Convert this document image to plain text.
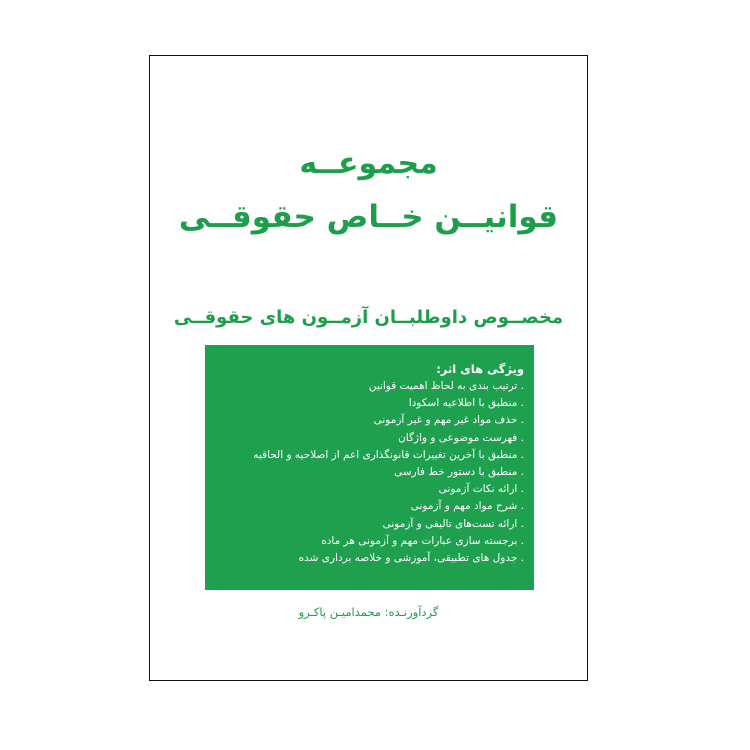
مجموعــه
قوانیــن خــاص حقوقــی
مخصــوص داوطلبــان آزمــون های حقوقــی
ویژگی های اثر:
. ترتیب بندی به لحاظ اهمیت قوانین
. منطبق با اطلاعیه اسکودا
. حذف مواد غیر مهم و غیر آزمونی
. فهرست موضوعی و واژگان
. منطبق با آخرین تغییرات قانونگذاری اعم از اصلاحیه و الحاقیه
. منطبق با دستور خط فارسی
. ارائه نکات آزمونی
. شرح مواد مهم و آزمونی
. ارائه تست‌های تالیفی و آزمونی
. برجسته سازی عبارات مهم و آزمونی هر ماده
. جدول های تطبیقی، آموزشی و خلاصه برداری شده
گردآورنـده: محمدامیـن پاکـرو
